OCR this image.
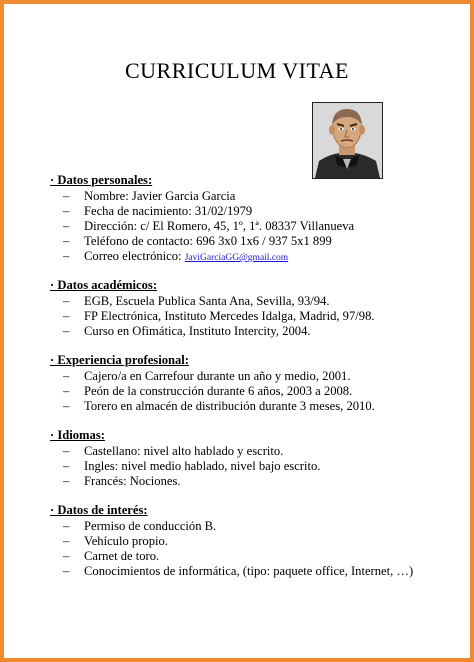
CURRICULUM VITAE
· Datos personales:
– Nombre: Javier Garcia Garcia
– Fecha de nacimiento: 31/02/1979
– Dirección: c/ El Romero, 45, 1º, 1ª. 08337 Villanueva
– Teléfono de contacto: 696 3x0 1x6 / 937 5x1 899
– Correo electrónico: JaviGarciaGG@gmail.com
· Datos académicos:
– EGB, Escuela Publica Santa Ana, Sevilla, 93/94.
– FP Electrónica, Instituto Mercedes Idalga, Madrid, 97/98.
– Curso en Ofimática, Instituto Intercity, 2004.
· Experiencia profesional:
– Cajero/a en Carrefour durante un año y medio, 2001.
– Peón de la construcción durante 6 años, 2003 a 2008.
– Torero en almacén de distribución durante 3 meses, 2010.
· Idiomas:
– Castellano: nivel alto hablado y escrito.
– Ingles: nivel medio hablado, nivel bajo escrito.
– Francés: Nociones.
· Datos de interés:
– Permiso de conducción B.
– Vehículo propio.
– Carnet de toro.
– Conocimientos de informática, (tipo: paquete office, Internet, …)
